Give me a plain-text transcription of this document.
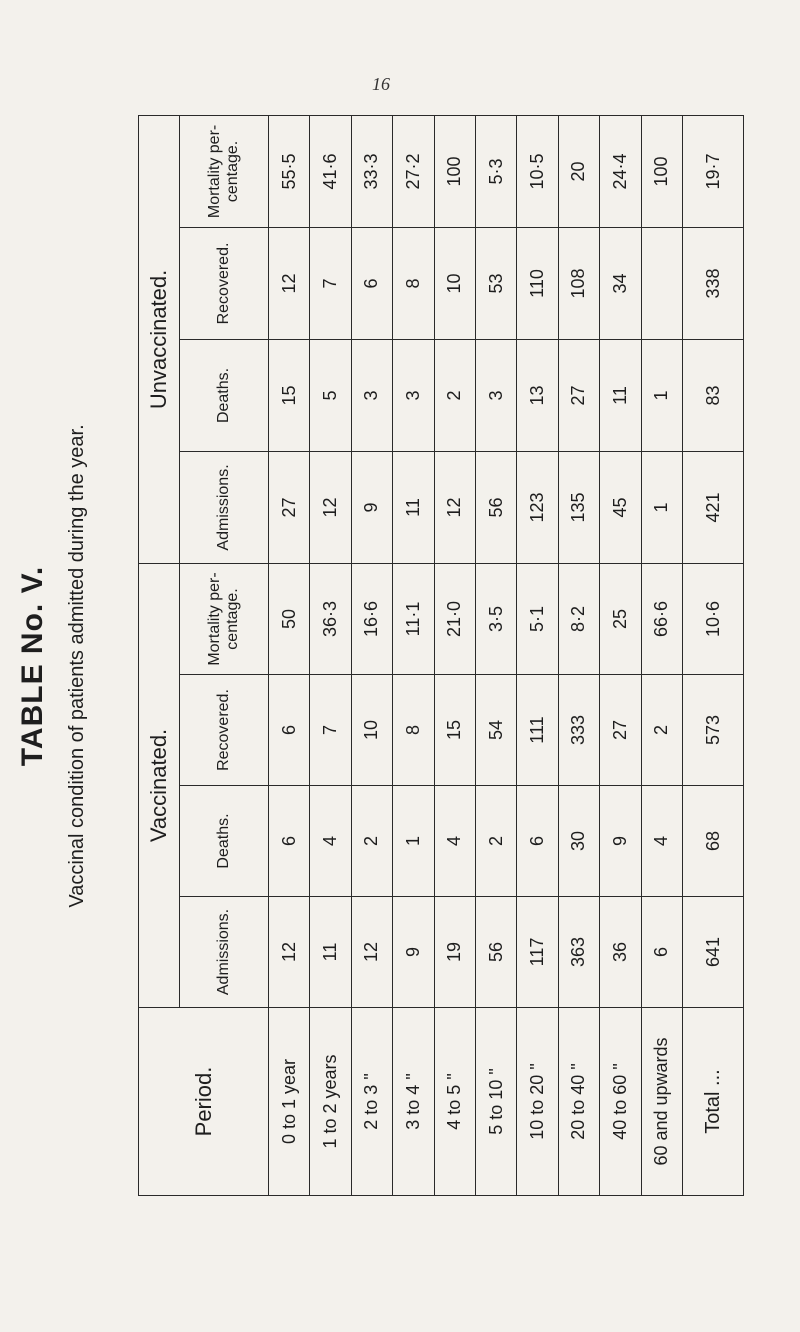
16
TABLE No. V. Vaccinal condition of patients admitted during the year.
Period.	Vaccinated.				Unvaccinated.			
	Admissions.	Deaths.	Recovered.	Mortality per- centage.	Admissions.	Deaths.	Recovered.	Mortality per- centage.
0 to 1 year	12	6	6	50	27	15	12	55·5
1 to 2 years	11	4	7	36·3	12	5	7	41·6
2 to 3 "	12	2	10	16·6	9	3	6	33·3
3 to 4 "	9	1	8	11·1	11	3	8	27·2
4 to 5 "	19	4	15	21·0	12	2	10	100
5 to 10 "	56	2	54	3·5	56	3	53	5·3
10 to 20 "	117	6	111	5·1	123	13	110	10·5
20 to 40 "	363	30	333	8·2	135	27	108	20
40 to 60 "	36	9	27	25	45	11	34	24·4
60 and upwards	6	4	2	66·6	1	1		100
Total ...	641	68	573	10·6	421	83	338	19·7
